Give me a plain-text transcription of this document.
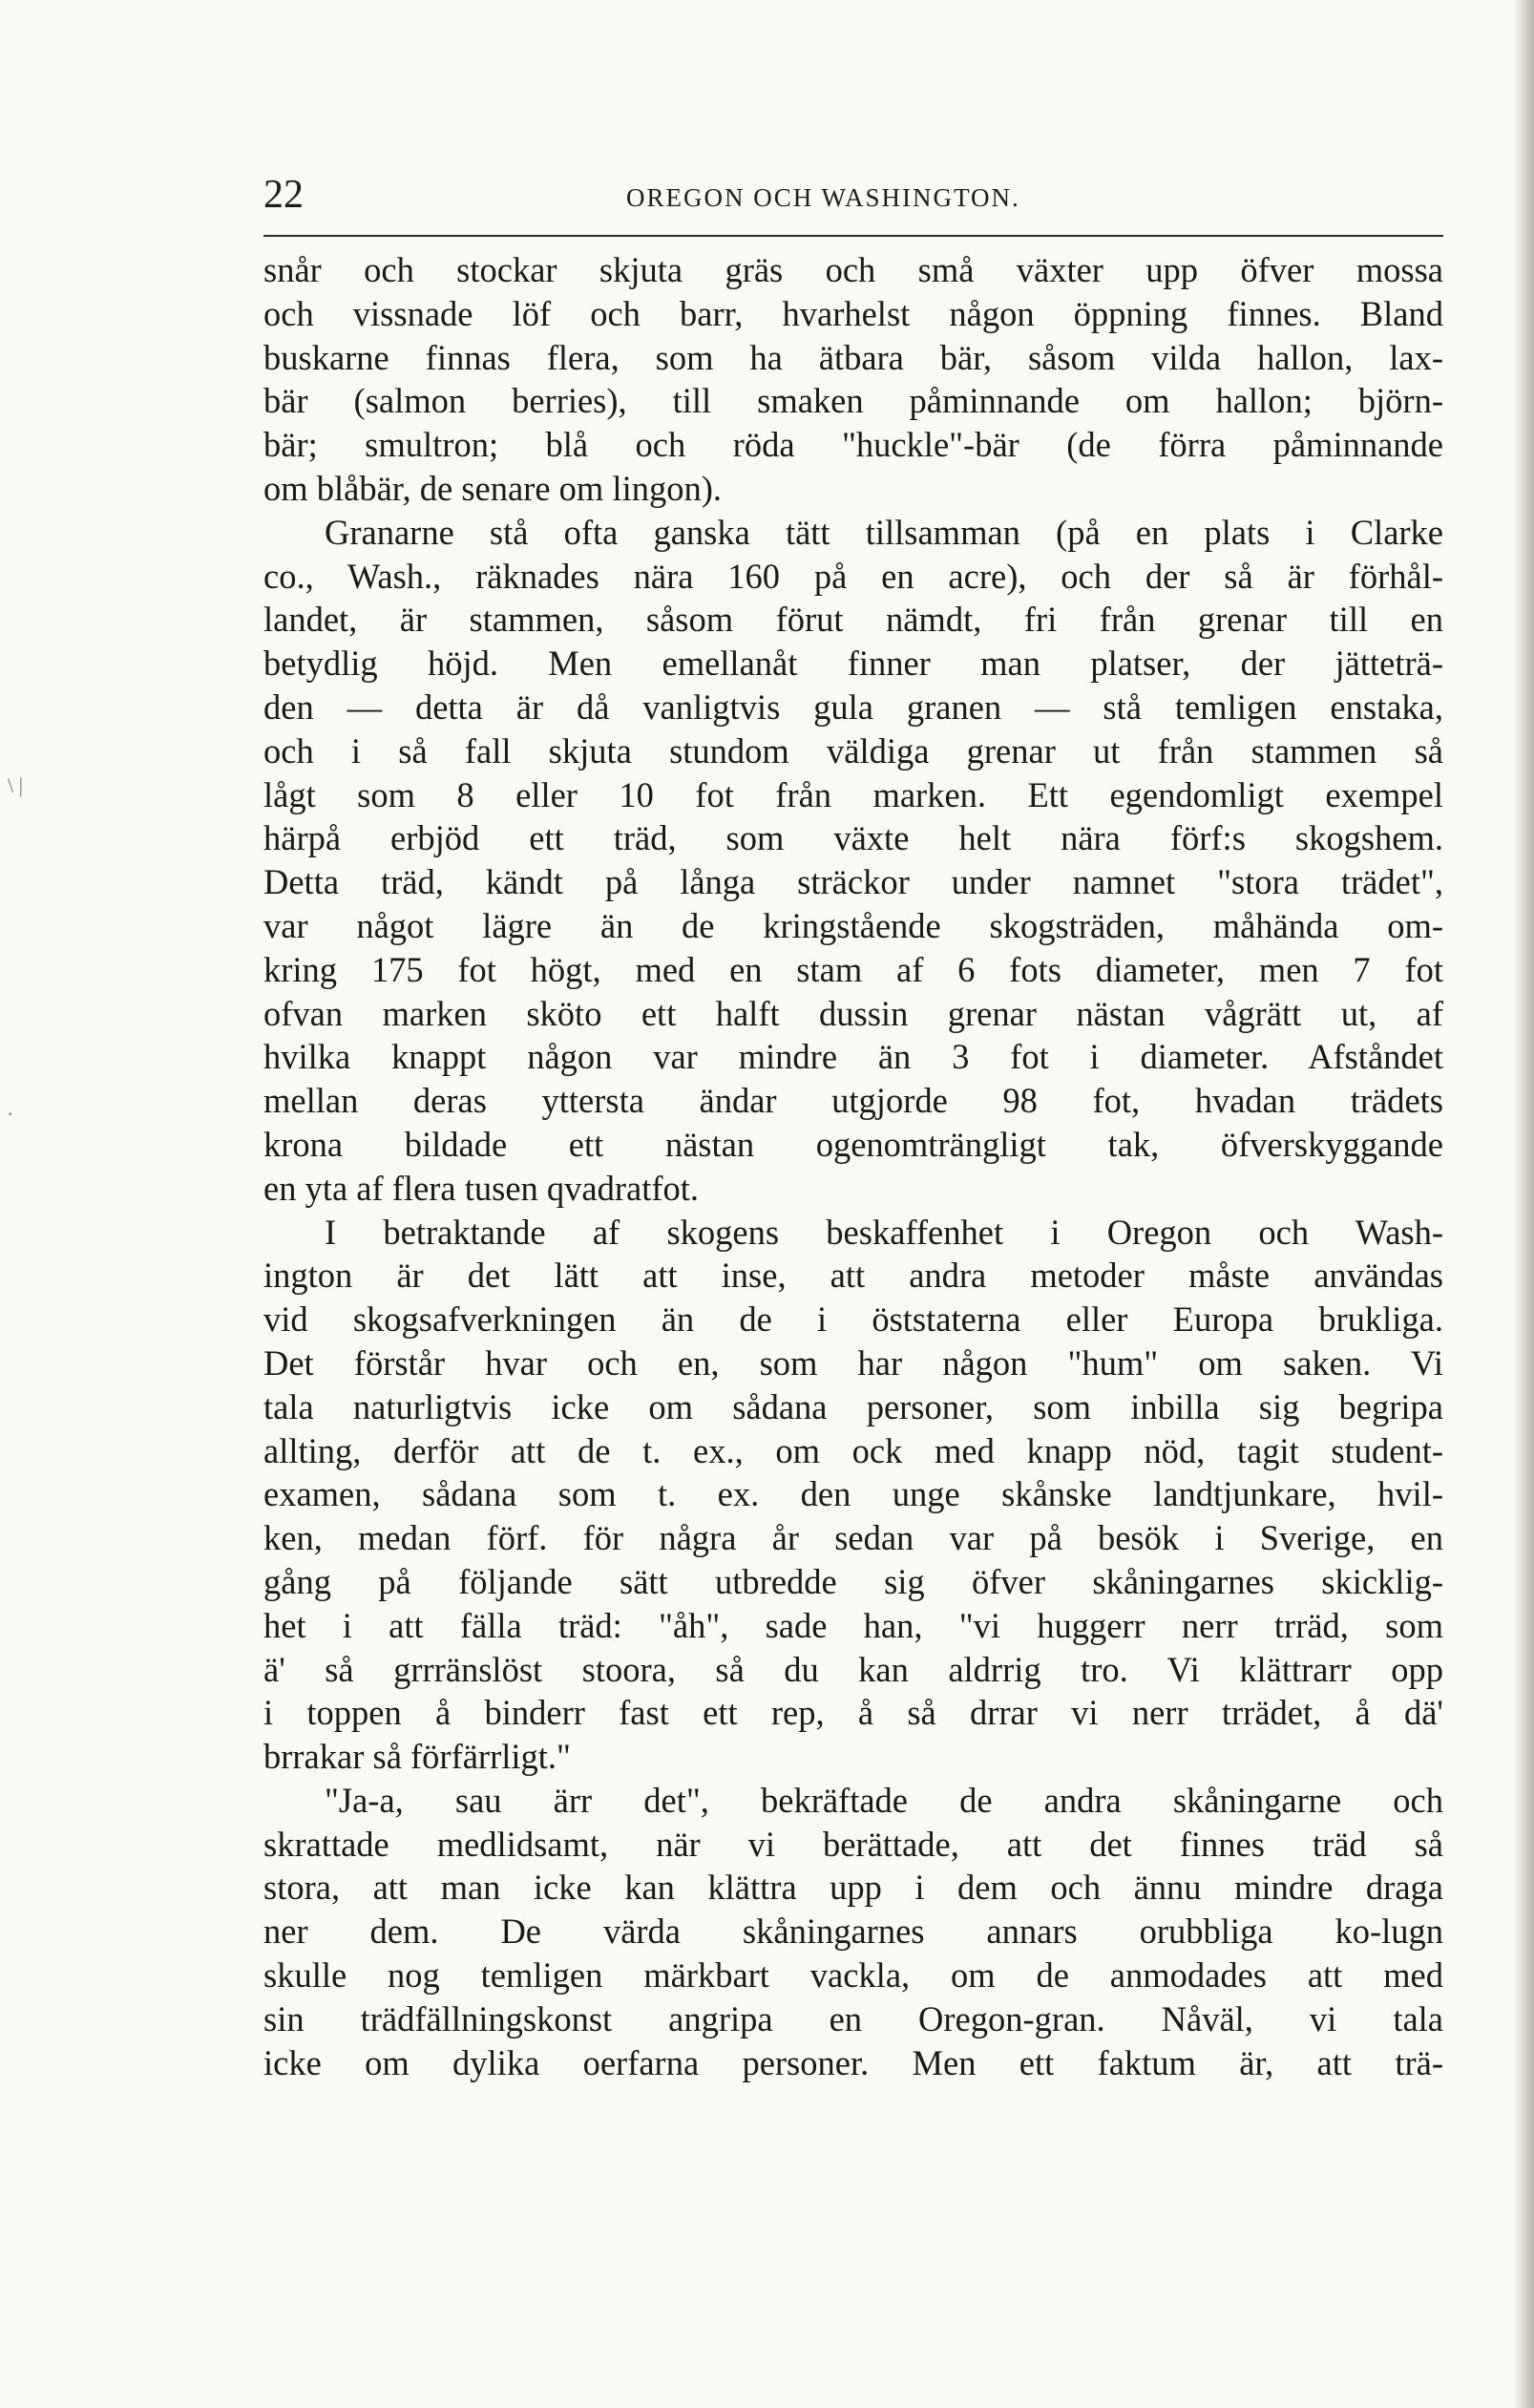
22	OREGON OCH WASHINGTON.
snår och stockar skjuta gräs och små växter upp öfver mossa
och vissnade löf och barr, hvarhelst någon öppning finnes. Bland
buskarne finnas flera, som ha ätbara bär, såsom vilda hallon, lax-
bär (salmon berries), till smaken påminnande om hallon; björn-
bär; smultron; blå och röda "huckle"-bär (de förra påminnande
om blåbär, de senare om lingon).
Granarne stå ofta ganska tätt tillsamman (på en plats i Clarke
co., Wash., räknades nära 160 på en acre), och der så är förhål-
landet, är stammen, såsom förut nämdt, fri från grenar till en
betydlig höjd. Men emellanåt finner man platser, der jätteträ-
den — detta är då vanligtvis gula granen — stå temligen enstaka,
och i så fall skjuta stundom väldiga grenar ut från stammen så
lågt som 8 eller 10 fot från marken. Ett egendomligt exempel
härpå erbjöd ett träd, som växte helt nära förf:s skogshem.
Detta träd, kändt på långa sträckor under namnet "stora trädet",
var något lägre än de kringstående skogsträden, måhända om-
kring 175 fot högt, med en stam af 6 fots diameter, men 7 fot
ofvan marken sköto ett halft dussin grenar nästan vågrätt ut, af
hvilka knappt någon var mindre än 3 fot i diameter. Afståndet
mellan deras yttersta ändar utgjorde 98 fot, hvadan trädets
krona bildade ett nästan ogenomträngligt tak, öfverskyggande
en yta af flera tusen qvadratfot.
I betraktande af skogens beskaffenhet i Oregon och Wash-
ington är det lätt att inse, att andra metoder måste användas
vid skogsafverkningen än de i öststaterna eller Europa brukliga.
Det förstår hvar och en, som har någon "hum" om saken. Vi
tala naturligtvis icke om sådana personer, som inbilla sig begripa
allting, derför att de t. ex., om ock med knapp nöd, tagit student-
examen, sådana som t. ex. den unge skånske landtjunkare, hvil-
ken, medan förf. för några år sedan var på besök i Sverige, en
gång på följande sätt utbredde sig öfver skåningarnes skicklig-
het i att fälla träd: "åh", sade han, "vi huggerr nerr trräd, som
ä' så grrränslöst stoora, så du kan aldrrig tro. Vi klättrarr opp
i toppen å binderr fast ett rep, å så drrar vi nerr trrädet, å dä'
brrakar så förfärrligt."
"Ja-a, sau ärr det", bekräftade de andra skåningarne och
skrattade medlidsamt, när vi berättade, att det finnes träd så
stora, att man icke kan klättra upp i dem och ännu mindre draga
ner dem. De värda skåningarnes annars orubbliga ko-lugn
skulle nog temligen märkbart vackla, om de anmodades att med
sin trädfällningskonst angripa en Oregon-gran. Nåväl, vi tala
icke om dylika oerfarna personer. Men ett faktum är, att trä-
\ |
.
